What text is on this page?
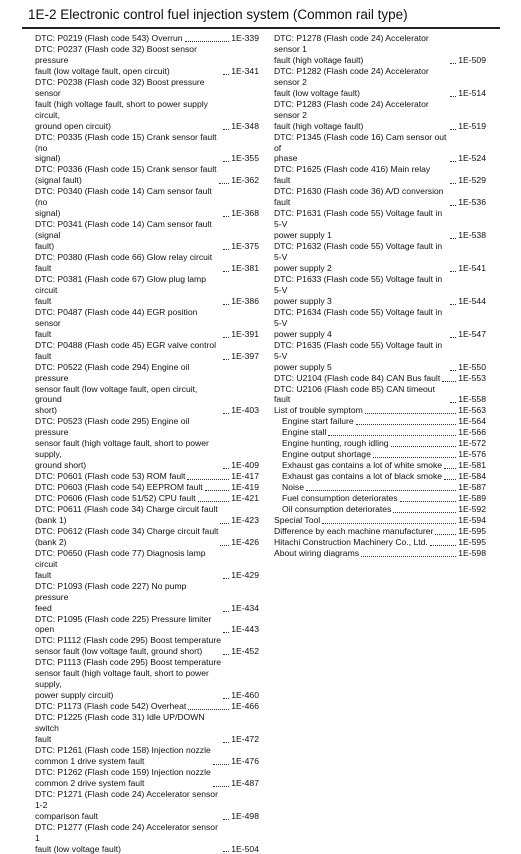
1E-2 Electronic control fuel injection system (Common rail type)
DTC: P0219 (Flash code 543) Overrun	1E-339
DTC: P0237 (Flash code 32) Boost sensor pressure
fault (low voltage fault, open circuit)	1E-341
DTC: P0238 (Flash code 32) Boost pressure sensor
fault (high voltage fault, short to power supply circuit,
ground open circuit)	1E-348
DTC: P0335 (Flash code 15) Crank sensor fault (no
signal)	1E-355
DTC: P0336 (Flash code 15) Crank sensor fault
(signal fault)	1E-362
DTC: P0340 (Flash code 14) Cam sensor fault (no
signal)	1E-368
DTC: P0341 (Flash code 14) Cam sensor fault (signal
fault)	1E-375
DTC: P0380 (Flash code 66) Glow relay circuit fault	1E-381
DTC: P0381 (Flash code 67) Glow plug lamp circuit
fault	1E-386
DTC: P0487 (Flash code 44) EGR position sensor
fault	1E-391
DTC: P0488 (Flash code 45) EGR valve control fault	1E-397
DTC: P0522 (Flash code 294) Engine oil pressure
sensor fault (low voltage fault, open circuit, ground
short)	1E-403
DTC: P0523 (Flash code 295) Engine oil pressure
sensor fault (high voltage fault, short to power supply,
ground short)	1E-409
DTC: P0601 (Flash code 53) ROM fault	1E-417
DTC: P0603 (Flash code 54) EEPROM fault	1E-419
DTC: P0606 (Flash code 51/52) CPU fault	1E-421
DTC: P0611 (Flash code 34) Charge circuit fault
(bank 1)	1E-423
DTC: P0612 (Flash code 34) Charge circuit fault
(bank 2)	1E-426
DTC: P0650 (Flash code 77) Diagnosis lamp circuit
fault	1E-429
DTC: P1093 (Flash code 227) No pump pressure
feed	1E-434
DTC: P1095 (Flash code 225) Pressure limiter open	1E-443
DTC: P1112 (Flash code 295) Boost temperature
sensor fault (low voltage fault, ground short)	1E-452
DTC: P1113 (Flash code 295) Boost temperature
sensor fault (high voltage fault, short to power supply,
power supply circuit)	1E-460
DTC: P1173 (Flash code 542) Overheat	1E-466
DTC: P1225 (Flash code 31) Idle UP/DOWN switch
fault	1E-472
DTC: P1261 (Flash code 158) Injection nozzle
common 1 drive system fault	1E-476
DTC: P1262 (Flash code 159) Injection nozzle
common 2 drive system fault	1E-487
DTC: P1271 (Flash code 24) Accelerator sensor 1-2
comparison fault	1E-498
DTC: P1277 (Flash code 24) Accelerator sensor 1
fault (low voltage fault)	1E-504
DTC: P1278 (Flash code 24) Accelerator sensor 1
fault (high voltage fault)	1E-509
DTC: P1282 (Flash code 24) Accelerator sensor 2
fault (low voltage fault)	1E-514
DTC: P1283 (Flash code 24) Accelerator sensor 2
fault (high voltage fault)	1E-519
DTC: P1345 (Flash code 16) Cam sensor out of
phase	1E-524
DTC: P1625 (Flash code 416) Main relay fault	1E-529
DTC: P1630 (Flash code 36) A/D conversion fault	1E-536
DTC: P1631 (Flash code 55) Voltage fault in 5-V
power supply 1	1E-538
DTC: P1632 (Flash code 55) Voltage fault in 5-V
power supply 2	1E-541
DTC: P1633 (Flash code 55) Voltage fault in 5-V
power supply 3	1E-544
DTC: P1634 (Flash code 55) Voltage fault in 5-V
power supply 4	1E-547
DTC: P1635 (Flash code 55) Voltage fault in 5-V
power supply 5	1E-550
DTC: U2104 (Flash code 84) CAN Bus fault 1E-553
DTC: U2106 (Flash code 85) CAN timeout fault	1E-558
List of trouble symptom	1E-563
Engine start failure	1E-564
Engine stall	1E-566
Engine hunting, rough idling	1E-572
Engine output shortage	1E-576
Exhaust gas contains a lot of white smoke 1E-581
Exhaust gas contains a lot of black smoke 1E-584
Noise	1E-587
Fuel consumption deteriorates	1E-589
Oil consumption deteriorates	1E-592
Special Tool	1E-594
Difference by each machine manufacturer	1E-595
Hitachi Construction Machinery Co., Ltd.	1E-595
About wiring diagrams	1E-598
